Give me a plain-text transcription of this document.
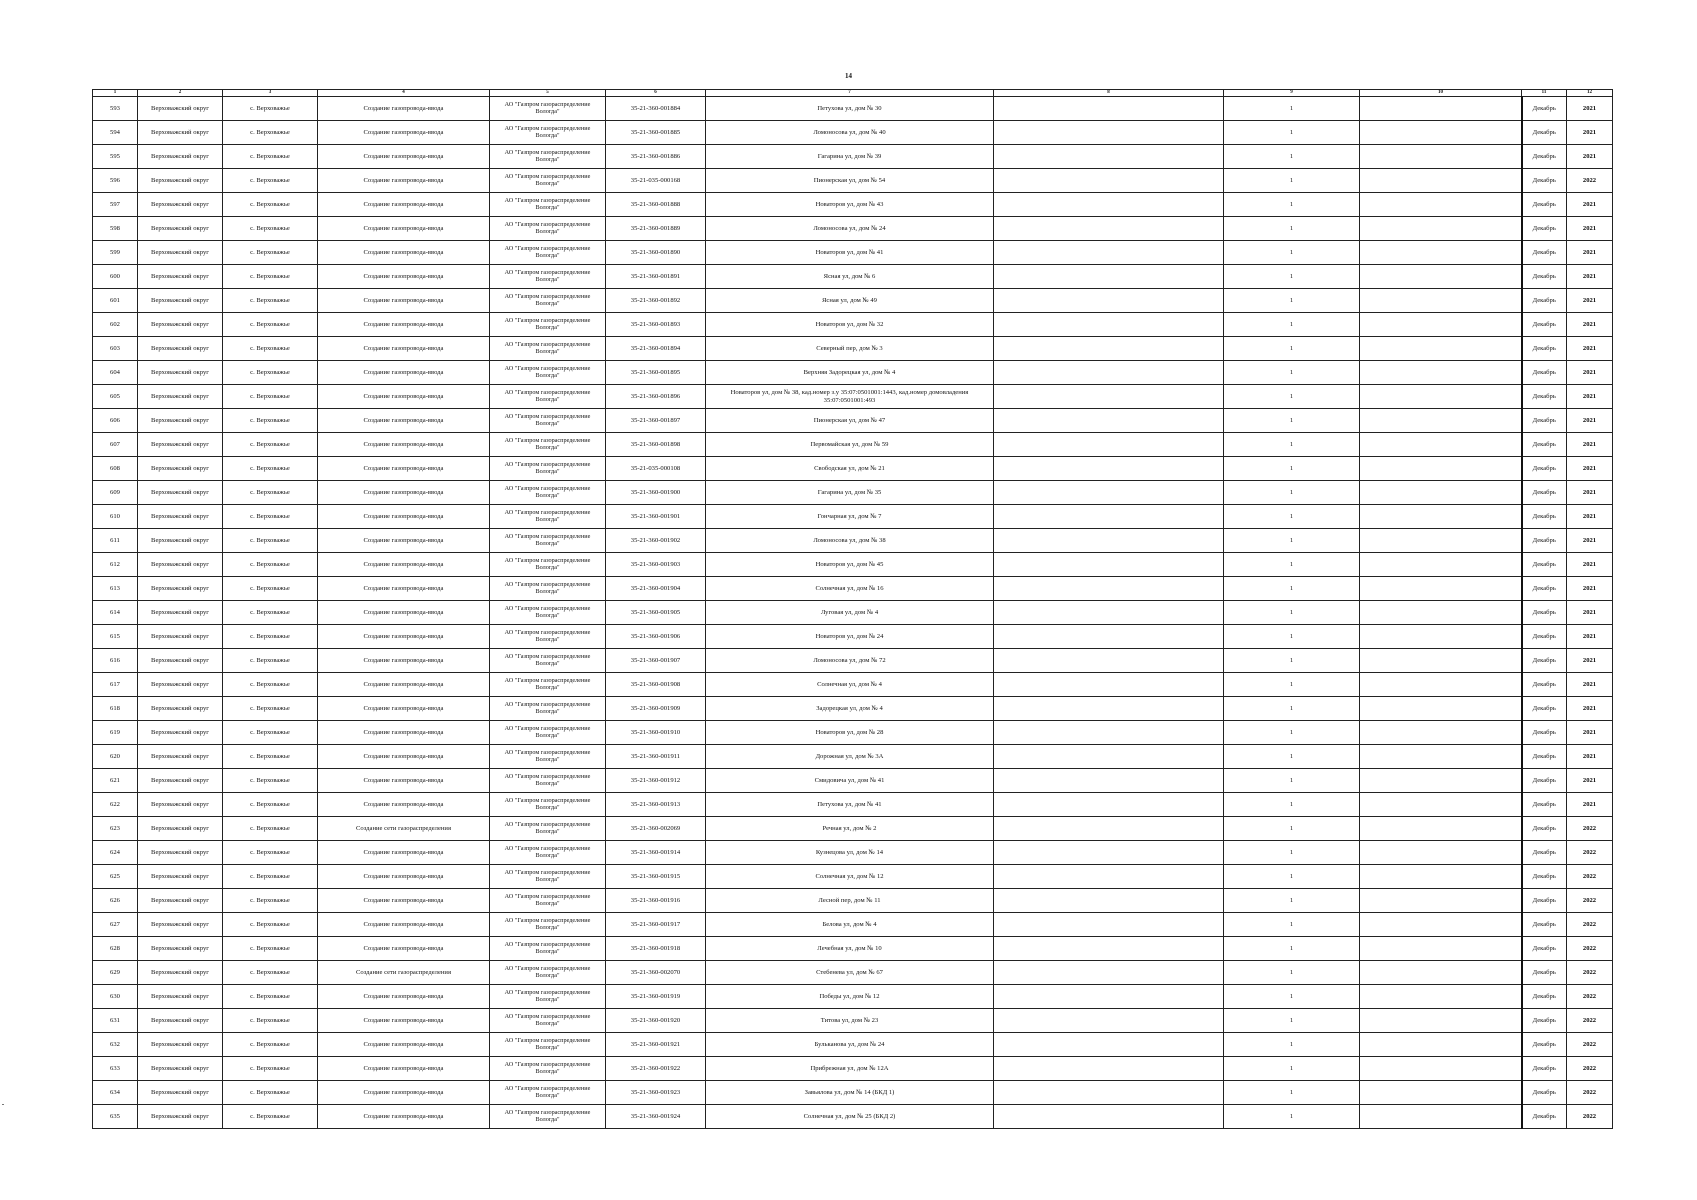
14
1	2	3	4	5	6	7	8	9	10	11	12
593	Верховажский округ	с. Верховажье	Создание газопровода-ввода	АО "Газпром газораспределение Вологда"	35-21-360-001884	Петухова ул, дом № 30		1		Декабрь	2021
594	Верховажский округ	с. Верховажье	Создание газопровода-ввода	АО "Газпром газораспределение Вологда"	35-21-360-001885	Ломоносова ул, дом № 40		1		Декабрь	2021
595	Верховажский округ	с. Верховажье	Создание газопровода-ввода	АО "Газпром газораспределение Вологда"	35-21-360-001886	Гагарина ул, дом № 39		1		Декабрь	2021
596	Верховажский округ	с. Верховажье	Создание газопровода-ввода	АО "Газпром газораспределение Вологда"	35-21-035-000168	Пионерская ул, дом № 54		1		Декабрь	2022
597	Верховажский округ	с. Верховажье	Создание газопровода-ввода	АО "Газпром газораспределение Вологда"	35-21-360-001888	Новаторов ул, дом № 43		1		Декабрь	2021
598	Верховажский округ	с. Верховажье	Создание газопровода-ввода	АО "Газпром газораспределение Вологда"	35-21-360-001889	Ломоносова ул, дом № 24		1		Декабрь	2021
599	Верховажский округ	с. Верховажье	Создание газопровода-ввода	АО "Газпром газораспределение Вологда"	35-21-360-001890	Новаторов ул, дом № 41		1		Декабрь	2021
600	Верховажский округ	с. Верховажье	Создание газопровода-ввода	АО "Газпром газораспределение Вологда"	35-21-360-001891	Ясная ул, дом № 6		1		Декабрь	2021
601	Верховажский округ	с. Верховажье	Создание газопровода-ввода	АО "Газпром газораспределение Вологда"	35-21-360-001892	Ясная ул, дом № 49		1		Декабрь	2021
602	Верховажский округ	с. Верховажье	Создание газопровода-ввода	АО "Газпром газораспределение Вологда"	35-21-360-001893	Новаторов ул, дом № 32		1		Декабрь	2021
603	Верховажский округ	с. Верховажье	Создание газопровода-ввода	АО "Газпром газораспределение Вологда"	35-21-360-001894	Северный пер, дом № 3		1		Декабрь	2021
604	Верховажский округ	с. Верховажье	Создание газопровода-ввода	АО "Газпром газораспределение Вологда"	35-21-360-001895	Верхняя Задорецкая ул, дом № 4		1		Декабрь	2021
605	Верховажский округ	с. Верховажье	Создание газопровода-ввода	АО "Газпром газораспределение Вологда"	35-21-360-001896	Новаторов ул, дом № 38, кад.номер з.у 35:07:0501001:1443, кад.номер домовладения 35:07:0501001:493		1		Декабрь	2021
606	Верховажский округ	с. Верховажье	Создание газопровода-ввода	АО "Газпром газораспределение Вологда"	35-21-360-001897	Пионерская ул, дом № 47		1		Декабрь	2021
607	Верховажский округ	с. Верховажье	Создание газопровода-ввода	АО "Газпром газораспределение Вологда"	35-21-360-001898	Первомайская ул, дом № 59		1		Декабрь	2021
608	Верховажский округ	с. Верховажье	Создание газопровода-ввода	АО "Газпром газораспределение Вологда"	35-21-035-000108	Свободская ул, дом № 21		1		Декабрь	2021
609	Верховажский округ	с. Верховажье	Создание газопровода-ввода	АО "Газпром газораспределение Вологда"	35-21-360-001900	Гагарина ул, дом № 35		1		Декабрь	2021
610	Верховажский округ	с. Верховажье	Создание газопровода-ввода	АО "Газпром газораспределение Вологда"	35-21-360-001901	Гончарная ул, дом № 7		1		Декабрь	2021
611	Верховажский округ	с. Верховажье	Создание газопровода-ввода	АО "Газпром газораспределение Вологда"	35-21-360-001902	Ломоносова ул, дом № 38		1		Декабрь	2021
612	Верховажский округ	с. Верховажье	Создание газопровода-ввода	АО "Газпром газораспределение Вологда"	35-21-360-001903	Новаторов ул, дом № 45		1		Декабрь	2021
613	Верховажский округ	с. Верховажье	Создание газопровода-ввода	АО "Газпром газораспределение Вологда"	35-21-360-001904	Солнечная ул, дом № 16		1		Декабрь	2021
614	Верховажский округ	с. Верховажье	Создание газопровода-ввода	АО "Газпром газораспределение Вологда"	35-21-360-001905	Луговая ул, дом № 4		1		Декабрь	2021
615	Верховажский округ	с. Верховажье	Создание газопровода-ввода	АО "Газпром газораспределение Вологда"	35-21-360-001906	Новаторов ул, дом № 24		1		Декабрь	2021
616	Верховажский округ	с. Верховажье	Создание газопровода-ввода	АО "Газпром газораспределение Вологда"	35-21-360-001907	Ломоносова ул, дом № 72		1		Декабрь	2021
617	Верховажский округ	с. Верховажье	Создание газопровода-ввода	АО "Газпром газораспределение Вологда"	35-21-360-001908	Солнечная ул, дом № 4		1		Декабрь	2021
618	Верховажский округ	с. Верховажье	Создание газопровода-ввода	АО "Газпром газораспределение Вологда"	35-21-360-001909	Задорецкая ул, дом № 4		1		Декабрь	2021
619	Верховажский округ	с. Верховажье	Создание газопровода-ввода	АО "Газпром газораспределение Вологда"	35-21-360-001910	Новаторов ул, дом № 28		1		Декабрь	2021
620	Верховажский округ	с. Верховажье	Создание газопровода-ввода	АО "Газпром газораспределение Вологда"	35-21-360-001911	Дорожная ул, дом № 3А		1		Декабрь	2021
621	Верховажский округ	с. Верховажье	Создание газопровода-ввода	АО "Газпром газораспределение Вологда"	35-21-360-001912	Смидовича ул, дом № 41		1		Декабрь	2021
622	Верховажский округ	с. Верховажье	Создание газопровода-ввода	АО "Газпром газораспределение Вологда"	35-21-360-001913	Петухова ул, дом № 41		1		Декабрь	2021
623	Верховажский округ	с. Верховажье	Создание сети газораспределения	АО "Газпром газораспределение Вологда"	35-21-360-002069	Речная ул, дом № 2		1		Декабрь	2022
624	Верховажский округ	с. Верховажье	Создание газопровода-ввода	АО "Газпром газораспределение Вологда"	35-21-360-001914	Кузнецова ул, дом № 14		1		Декабрь	2022
625	Верховажский округ	с. Верховажье	Создание газопровода-ввода	АО "Газпром газораспределение Вологда"	35-21-360-001915	Солнечная ул, дом № 12		1		Декабрь	2022
626	Верховажский округ	с. Верховажье	Создание газопровода-ввода	АО "Газпром газораспределение Вологда"	35-21-360-001916	Лесной пер, дом № 11		1		Декабрь	2022
627	Верховажский округ	с. Верховажье	Создание газопровода-ввода	АО "Газпром газораспределение Вологда"	35-21-360-001917	Белова ул, дом № 4		1		Декабрь	2022
628	Верховажский округ	с. Верховажье	Создание газопровода-ввода	АО "Газпром газораспределение Вологда"	35-21-360-001918	Лечебная ул, дом № 10		1		Декабрь	2022
629	Верховажский округ	с. Верховажье	Создание сети газораспределения	АО "Газпром газораспределение Вологда"	35-21-360-002070	Стебенева ул, дом № 67		1		Декабрь	2022
630	Верховажский округ	с. Верховажье	Создание газопровода-ввода	АО "Газпром газораспределение Вологда"	35-21-360-001919	Победы ул, дом № 12		1		Декабрь	2022
631	Верховажский округ	с. Верховажье	Создание газопровода-ввода	АО "Газпром газораспределение Вологда"	35-21-360-001920	Титова ул, дом № 23		1		Декабрь	2022
632	Верховажский округ	с. Верховажье	Создание газопровода-ввода	АО "Газпром газораспределение Вологда"	35-21-360-001921	Бульканова ул, дом № 24		1		Декабрь	2022
633	Верховажский округ	с. Верховажье	Создание газопровода-ввода	АО "Газпром газораспределение Вологда"	35-21-360-001922	Прибрежная ул, дом № 12А		1		Декабрь	2022
634	Верховажский округ	с. Верховажье	Создание газопровода-ввода	АО "Газпром газораспределение Вологда"	35-21-360-001923	Завьялова ул, дом № 14 (БКД 1)		1		Декабрь	2022
635	Верховажский округ	с. Верховажье	Создание газопровода-ввода	АО "Газпром газораспределение Вологда"	35-21-360-001924	Солнечная ул, дом № 25 (БКД 2)		1		Декабрь	2022
